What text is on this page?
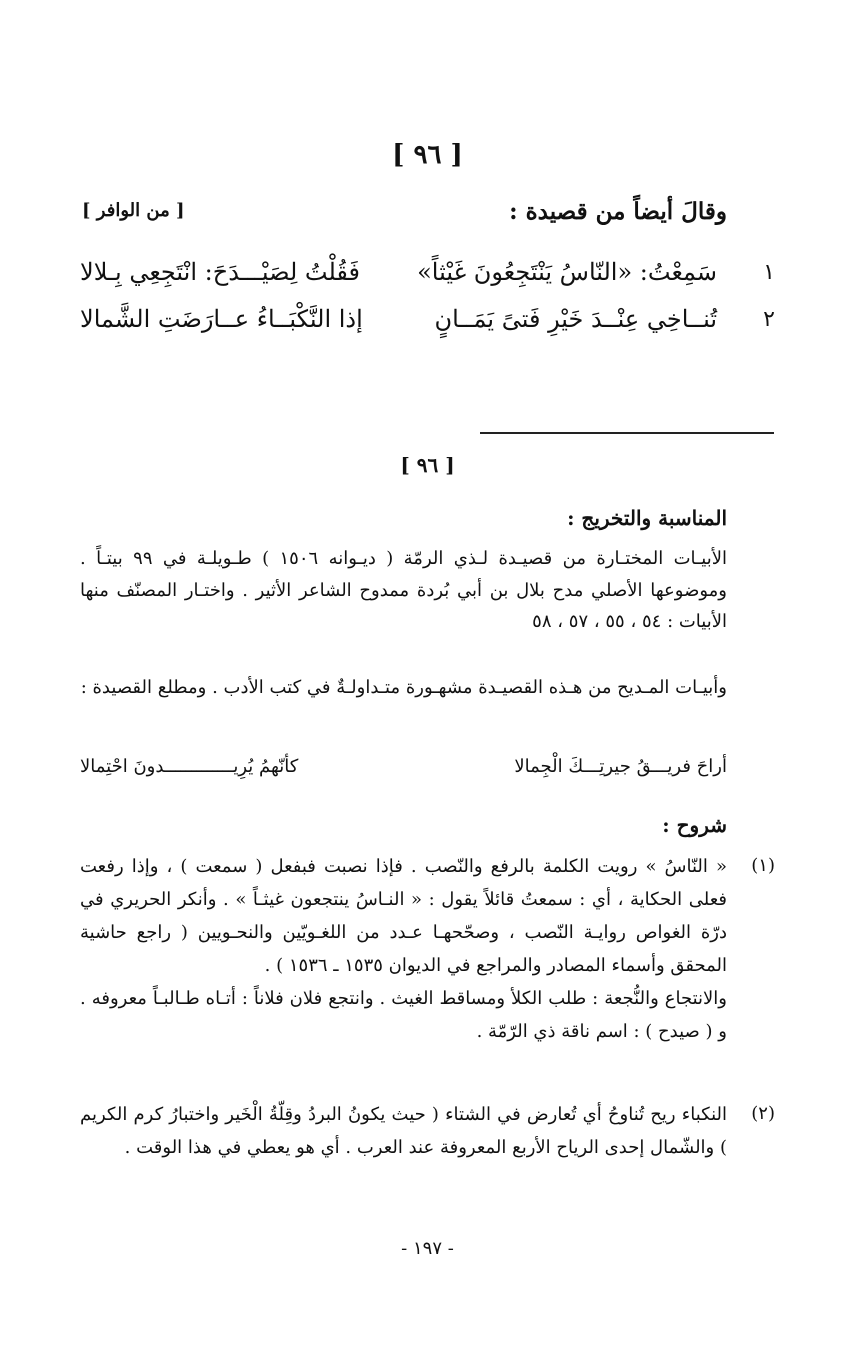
[ ٩٦ ]
وقالَ أيضاً من قصيدة :
[ من الوافر ]
١
سَمِعْتُ: «النّاسُ يَنْتَجِعُونَ غَيْثاً»
فَقُلْتُ لِصَيْـــدَحَ: انْتَجِعِي بِـلالا
٢
تُنــاخِي عِنْــدَ خَيْرِ فَتىً يَمَــانٍ
إذا النَّكْبَــاءُ عــارَضَتِ الشَّمالا
[ ٩٦ ]
المناسبة والتخريج :
الأبيـات المختـارة من قصيـدة لـذي الرمّة ( ديـوانه ١٥٠٦ ) طـويلـة في ٩٩ بيتـاً . وموضوعها الأصلي مدح بلال بن أبي بُردة ممدوح الشاعر الأثير . واختـار المصنّف منها الأبيات : ٥٤ ، ٥٥ ، ٥٧ ، ٥٨
وأبيـات المـديح من هـذه القصيـدة مشهـورة متـداولـةٌ في كتب الأدب . ومطلع القصيدة :
أراحَ فريـــقُ جيرتِـــكَ الْجِمالا
كأنّهمُ يُرِيـــــــــــــدونَ احْتِمالا
شروح :
(١)
« النّاسُ » رويت الكلمة بالرفع والنّصب . فإذا نصبت فبفعل ( سمعت ) ، وإذا رفعت فعلى الحكاية ، أي : سمعتُ قائلاً يقول : « النـاسُ ينتجعون غيثـاً » . وأنكر الحريري في درّة الغواص روايـة النّصب ، وصحّحهـا عـدد من اللغـويّين والنحـويين ( راجع حاشية المحقق وأسماء المصادر والمراجع في الديوان ١٥٣٥ ـ ١٥٣٦ ) .
والانتجاع والنُّجعة : طلب الكلأ ومساقط الغيث . وانتجع فلان فلاناً : أتـاه طـالبـاً معروفه . و ( صيدح ) : اسم ناقة ذي الرّمّة .
(٢)
النكباء ريح تُناوحُ أي تُعارض في الشتاء ( حيث يكونُ البردُ وقِلّةُ الْخَير واختبارُ كرم الكريم ) والشّمال إحدى الرياح الأربع المعروفة عند العرب . أي هو يعطي في هذا الوقت .
- ١٩٧ -
